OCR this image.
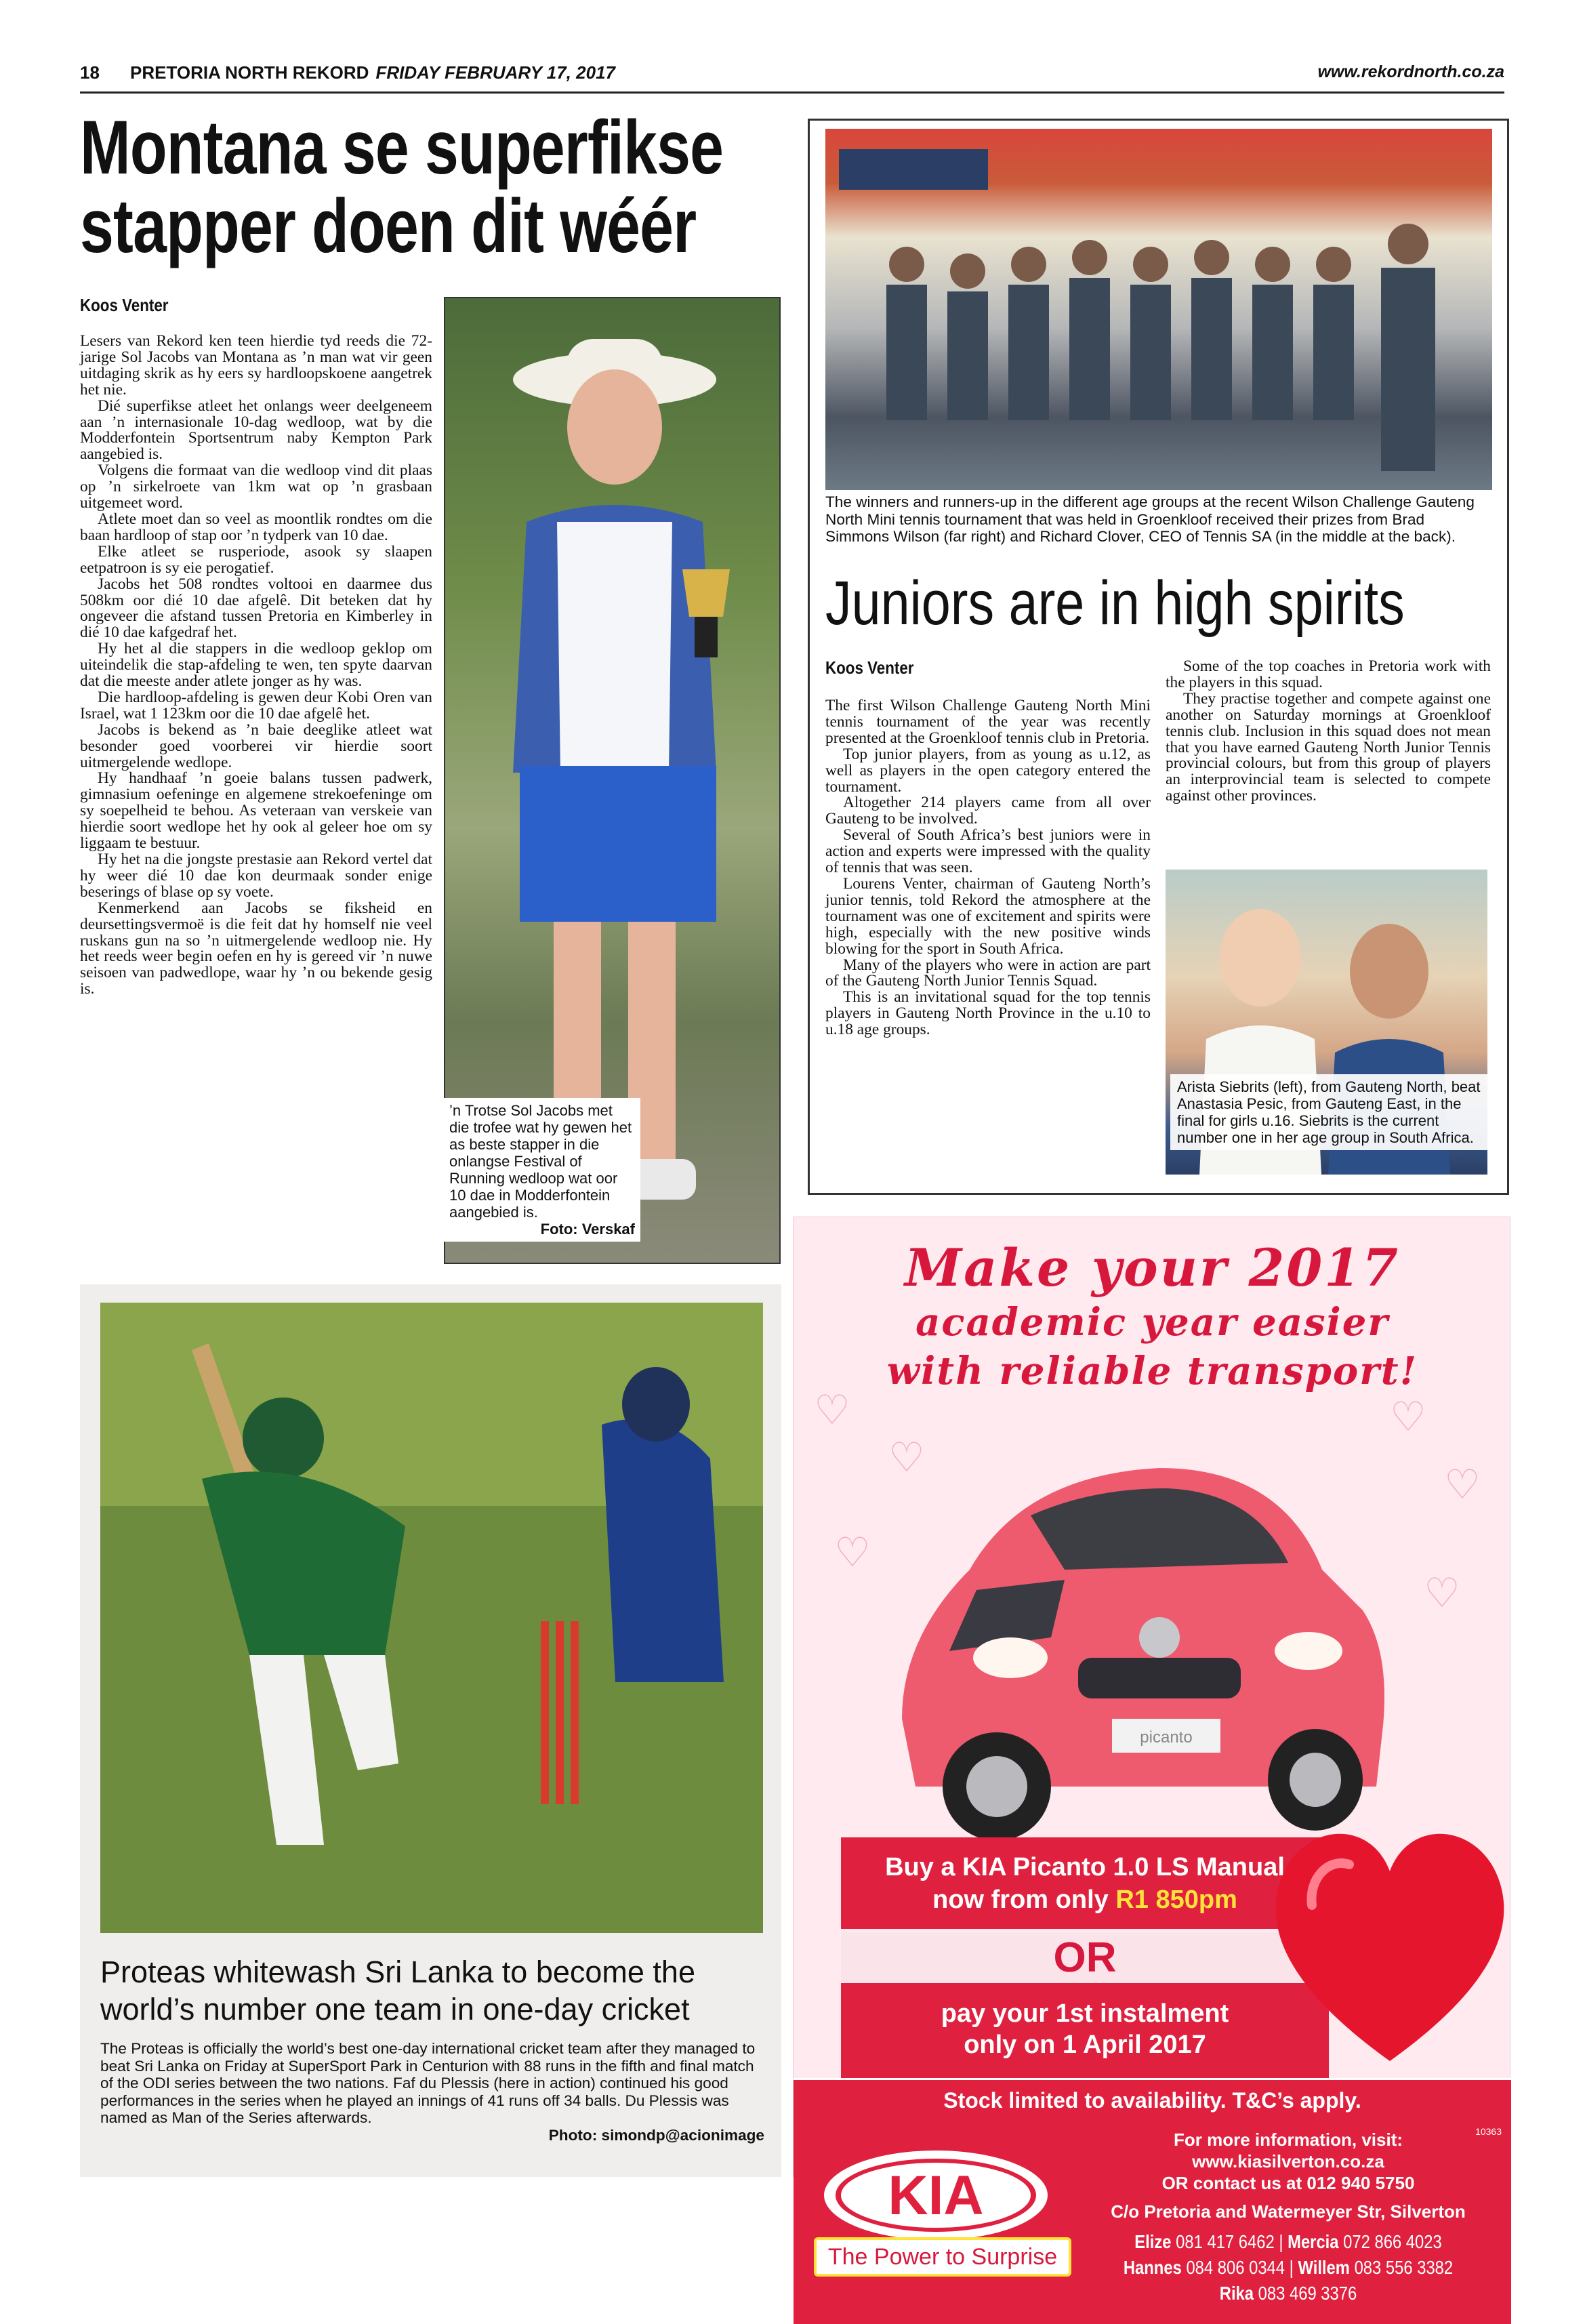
18 PRETORIA NORTH REKORD FRIDAY FEBRUARY 17, 2017	www.rekordnorth.co.za
Montana se superfikse
stapper doen dit wéér
Koos Venter

Lesers van Rekord ken teen hierdie tyd reeds die 72-jarige Sol Jacobs van Montana as ’n man wat vir geen uitdaging skrik as hy eers sy hardloopskoene aangetrek het nie.

Dié superfikse atleet het onlangs weer deelgeneem aan ’n internasionale 10-dag wedloop, wat by die Modderfontein Sportsentrum naby Kempton Park aangebied is.

Volgens die formaat van die wedloop vind dit plaas op ’n sirkelroete van 1km wat op ’n grasbaan uitgemeet word.

Atlete moet dan so veel as moontlik rondtes om die baan hardloop of stap oor ’n tydperk van 10 dae.

Elke atleet se rusperiode, asook sy slaapen eetpatroon is sy eie perogatief.

Jacobs het 508 rondtes voltooi en daarmee dus 508km oor dié 10 dae afgelê. Dit beteken dat hy ongeveer die afstand tussen Pretoria en Kimberley in dié 10 dae kafgedraf het.

Hy het al die stappers in die wedloop geklop om uiteindelik die stap-afdeling te wen, ten spyte daarvan dat die meeste ander atlete jonger as hy was.

Die hardloop-afdeling is gewen deur Kobi Oren van Israel, wat 1 123km oor die 10 dae afgelê het.

Jacobs is bekend as ’n baie deeglike atleet wat besonder goed voorberei vir hierdie soort uitmergelende wedlope.

Hy handhaaf ’n goeie balans tussen padwerk, gimnasium oefeninge en algemene strekoefeninge om sy soepelheid te behou. As veteraan van verskeie van hierdie soort wedlope het hy ook al geleer hoe om sy liggaam te bestuur.

Hy het na die jongste prestasie aan Rekord vertel dat hy weer dié 10 dae kon deurmaak sonder enige beserings of blase op sy voete.

Kenmerkend aan Jacobs se fiksheid en deursettingsvermoë is die feit dat hy homself nie veel ruskans gun na so ’n uitmergelende wedloop nie. Hy het reeds weer begin oefen en hy is gereed vir ’n nuwe seisoen van padwedlope, waar hy ’n ou bekende gesig is.

’n Trotse Sol Jacobs met die trofee wat hy gewen het as beste stapper in die onlangse Festival of Running wedloop wat oor 10 dae in Modderfontein aangebied is.
Foto: Verskaf
The winners and runners-up in the different age groups at the recent Wilson Challenge Gauteng North Mini tennis tournament that was held in Groenkloof received their prizes from Brad Simmons Wilson (far right) and Richard Clover, CEO of Tennis SA (in the middle at the back).
Juniors are in high spirits
Koos Venter

The first Wilson Challenge Gauteng North Mini tennis tournament of the year was recently presented at the Groenkloof tennis club in Pretoria.

Top junior players, from as young as u.12, as well as players in the open category entered the tournament.

Altogether 214 players came from all over Gauteng to be involved.

Several of South Africa’s best juniors were in action and experts were impressed with the quality of tennis that was seen.

Lourens Venter, chairman of Gauteng North’s junior tennis, told Rekord the atmosphere at the tournament was one of excitement and spirits were high, especially with the new positive winds blowing for the sport in South Africa.

Many of the players who were in action are part of the Gauteng North Junior Tennis Squad.

This is an invitational squad for the top tennis players in Gauteng North Province in the u.10 to u.18 age groups.

Some of the top coaches in Pretoria work with the players in this squad.

They practise together and compete against one another on Saturday mornings at Groenkloof tennis club. Inclusion in this squad does not mean that you have earned Gauteng North Junior Tennis provincial colours, but from this group of players an interprovincial team is selected to compete against other provinces.

Arista Siebrits (left), from Gauteng North, beat Anastasia Pesic, from Gauteng East, in the final for girls u.16. Siebrits is the current number one in her age group in South Africa.
Proteas whitewash Sri Lanka to become the world’s number one team in one-day cricket
The Proteas is officially the world’s best one-day international cricket team after they managed to beat Sri Lanka on Friday at SuperSport Park in Centurion with 88 runs in the fifth and final match of the ODI series between the two nations. Faf du Plessis (here in action) continued his good performances in the series when he played an innings of 41 runs off 34 balls. Du Plessis was named as Man of the Series afterwards.
Photo: simondp@acionimage
♡	♡
♡
♡
♡
♡
Make your 2017
academic year easier
with reliable transport!
picanto
Buy a KIA Picanto 1.0 LS Manual
now from only R1 850pm
OR
pay your 1st instalment
only on 1 April 2017
Stock limited to availability. T&C’s apply.
10363
KIA
The Power to Surprise
For more information, visit:
www.kiasilverton.co.za
OR contact us at 012 940 5750
C/o Pretoria and Watermeyer Str, Silverton
Elize 081 417 6462 | Mercia 072 866 4023
Hannes 084 806 0344 | Willem 083 556 3382
Rika 083 469 3376
